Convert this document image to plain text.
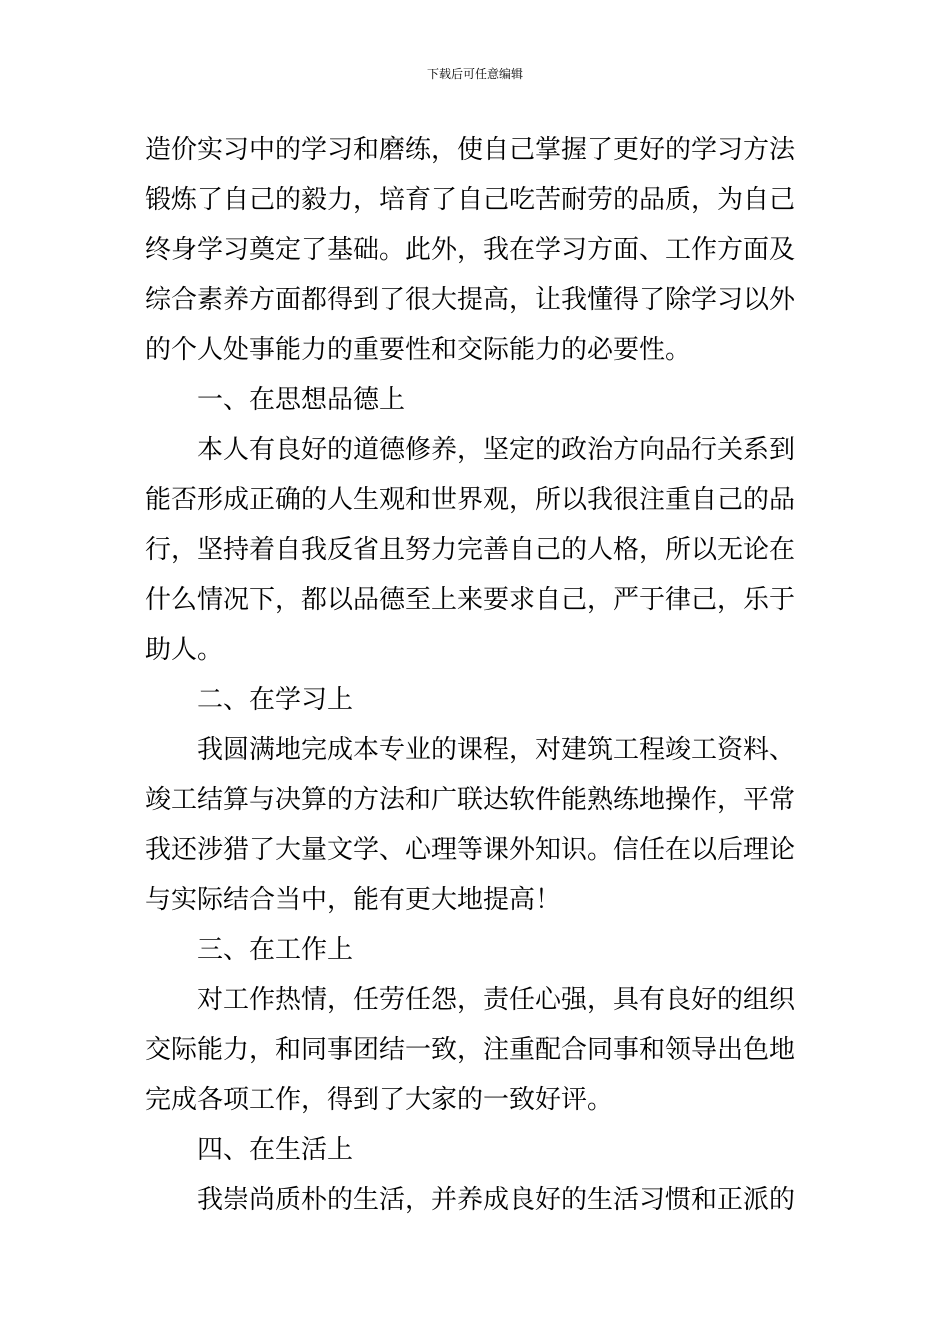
下载后可任意编辑
造价实习中的学习和磨练，使自己掌握了更好的学习方法
锻炼了自己的毅力，培育了自己吃苦耐劳的品质，为自己
终身学习奠定了基础。此外，我在学习方面、工作方面及
综合素养方面都得到了很大提高，让我懂得了除学习以外
的个人处事能力的重要性和交际能力的必要性。
一、在思想品德上
本人有良好的道德修养，坚定的政治方向品行关系到
能否形成正确的人生观和世界观，所以我很注重自己的品
行，坚持着自我反省且努力完善自己的人格，所以无论在
什么情况下，都以品德至上来要求自己，严于律己，乐于
助人。
二、在学习上
我圆满地完成本专业的课程，对建筑工程竣工资料、
竣工结算与决算的方法和广联达软件能熟练地操作，平常
我还涉猎了大量文学、心理等课外知识。信任在以后理论
与实际结合当中，能有更大地提高！
三、在工作上
对工作热情，任劳任怨，责任心强，具有良好的组织
交际能力，和同事团结一致，注重配合同事和领导出色地
完成各项工作，得到了大家的一致好评。
四、在生活上
我崇尚质朴的生活，并养成良好的生活习惯和正派的
